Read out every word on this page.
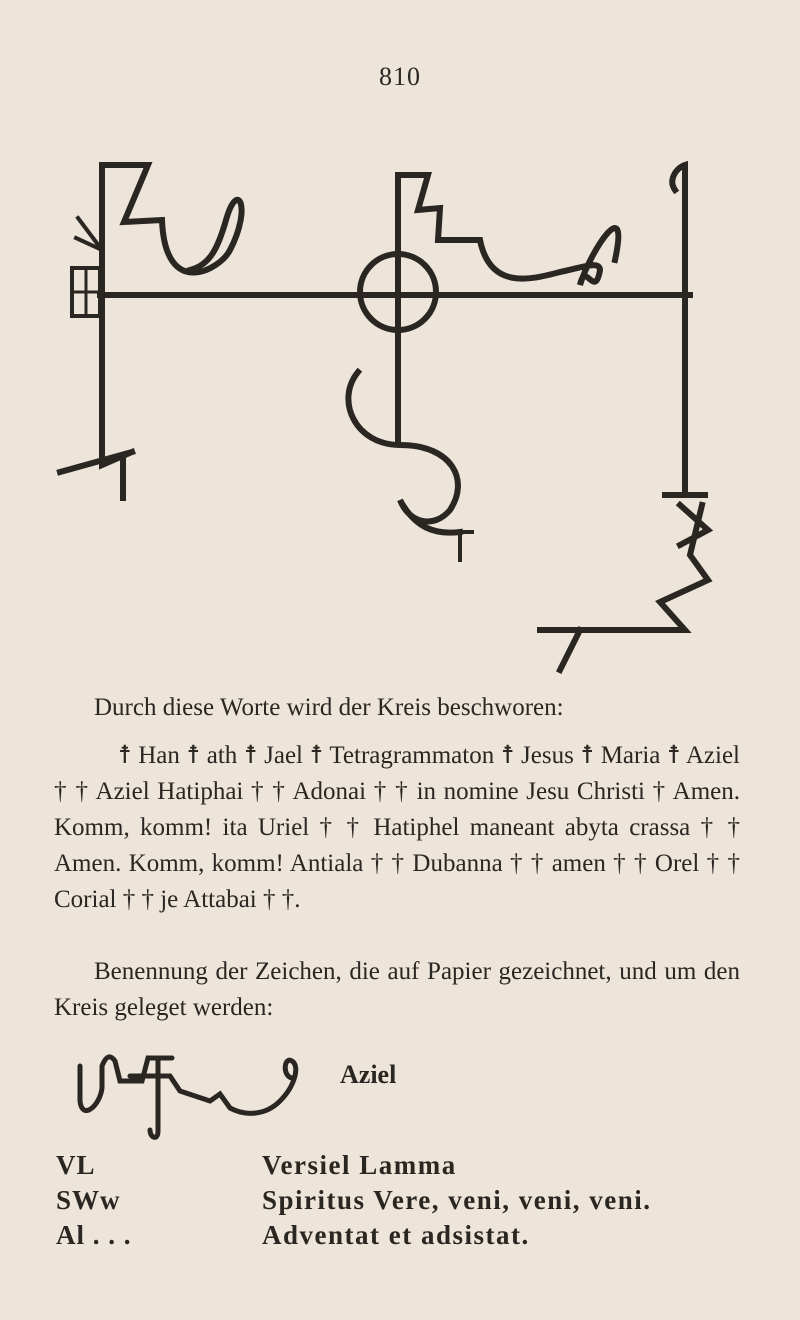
810
Durch diese Worte wird der Kreis beschworen:
☨ Han ☨ ath ☨ Jael ☨ Tetragrammaton ☨ Jesus ☨ Maria ☨ Aziel † † Aziel Hatiphai † † Adonai † † in nomine Jesu Christi † Amen. Komm, komm! ita Uriel † † Hatiphel maneant abyta crassa † † Amen. Komm, komm! Antiala † † Dubanna † † amen † † Orel † † Corial † † je Attabai † †.
Benennung der Zeichen, die auf Papier gezeichnet, und um den Kreis geleget werden:
Aziel
VL	Versiel Lamma
SWw	Spiritus Vere, veni, veni, veni.
Al . . .	Adventat et adsistat.
